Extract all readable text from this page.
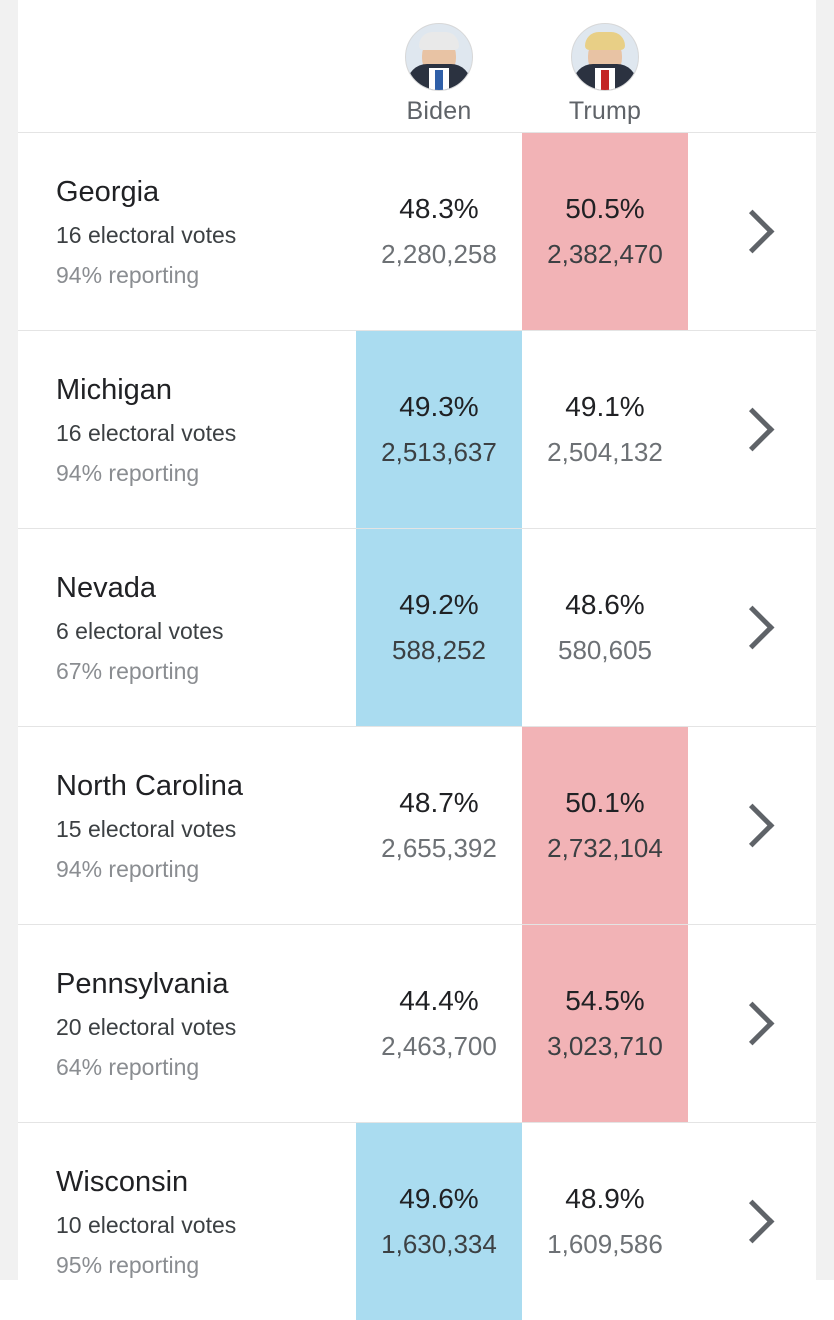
Biden	Trump
Georgia
16 electoral votes
94% reporting
48.3%
2,280,258
50.5%
2,382,470
Michigan
16 electoral votes
94% reporting
49.3%
2,513,637
49.1%
2,504,132
Nevada
6 electoral votes
67% reporting
49.2%
588,252
48.6%
580,605
North Carolina
15 electoral votes
94% reporting
48.7%
2,655,392
50.1%
2,732,104
Pennsylvania
20 electoral votes
64% reporting
44.4%
2,463,700
54.5%
3,023,710
Wisconsin
10 electoral votes
95% reporting
49.6%
1,630,334
48.9%
1,609,586
